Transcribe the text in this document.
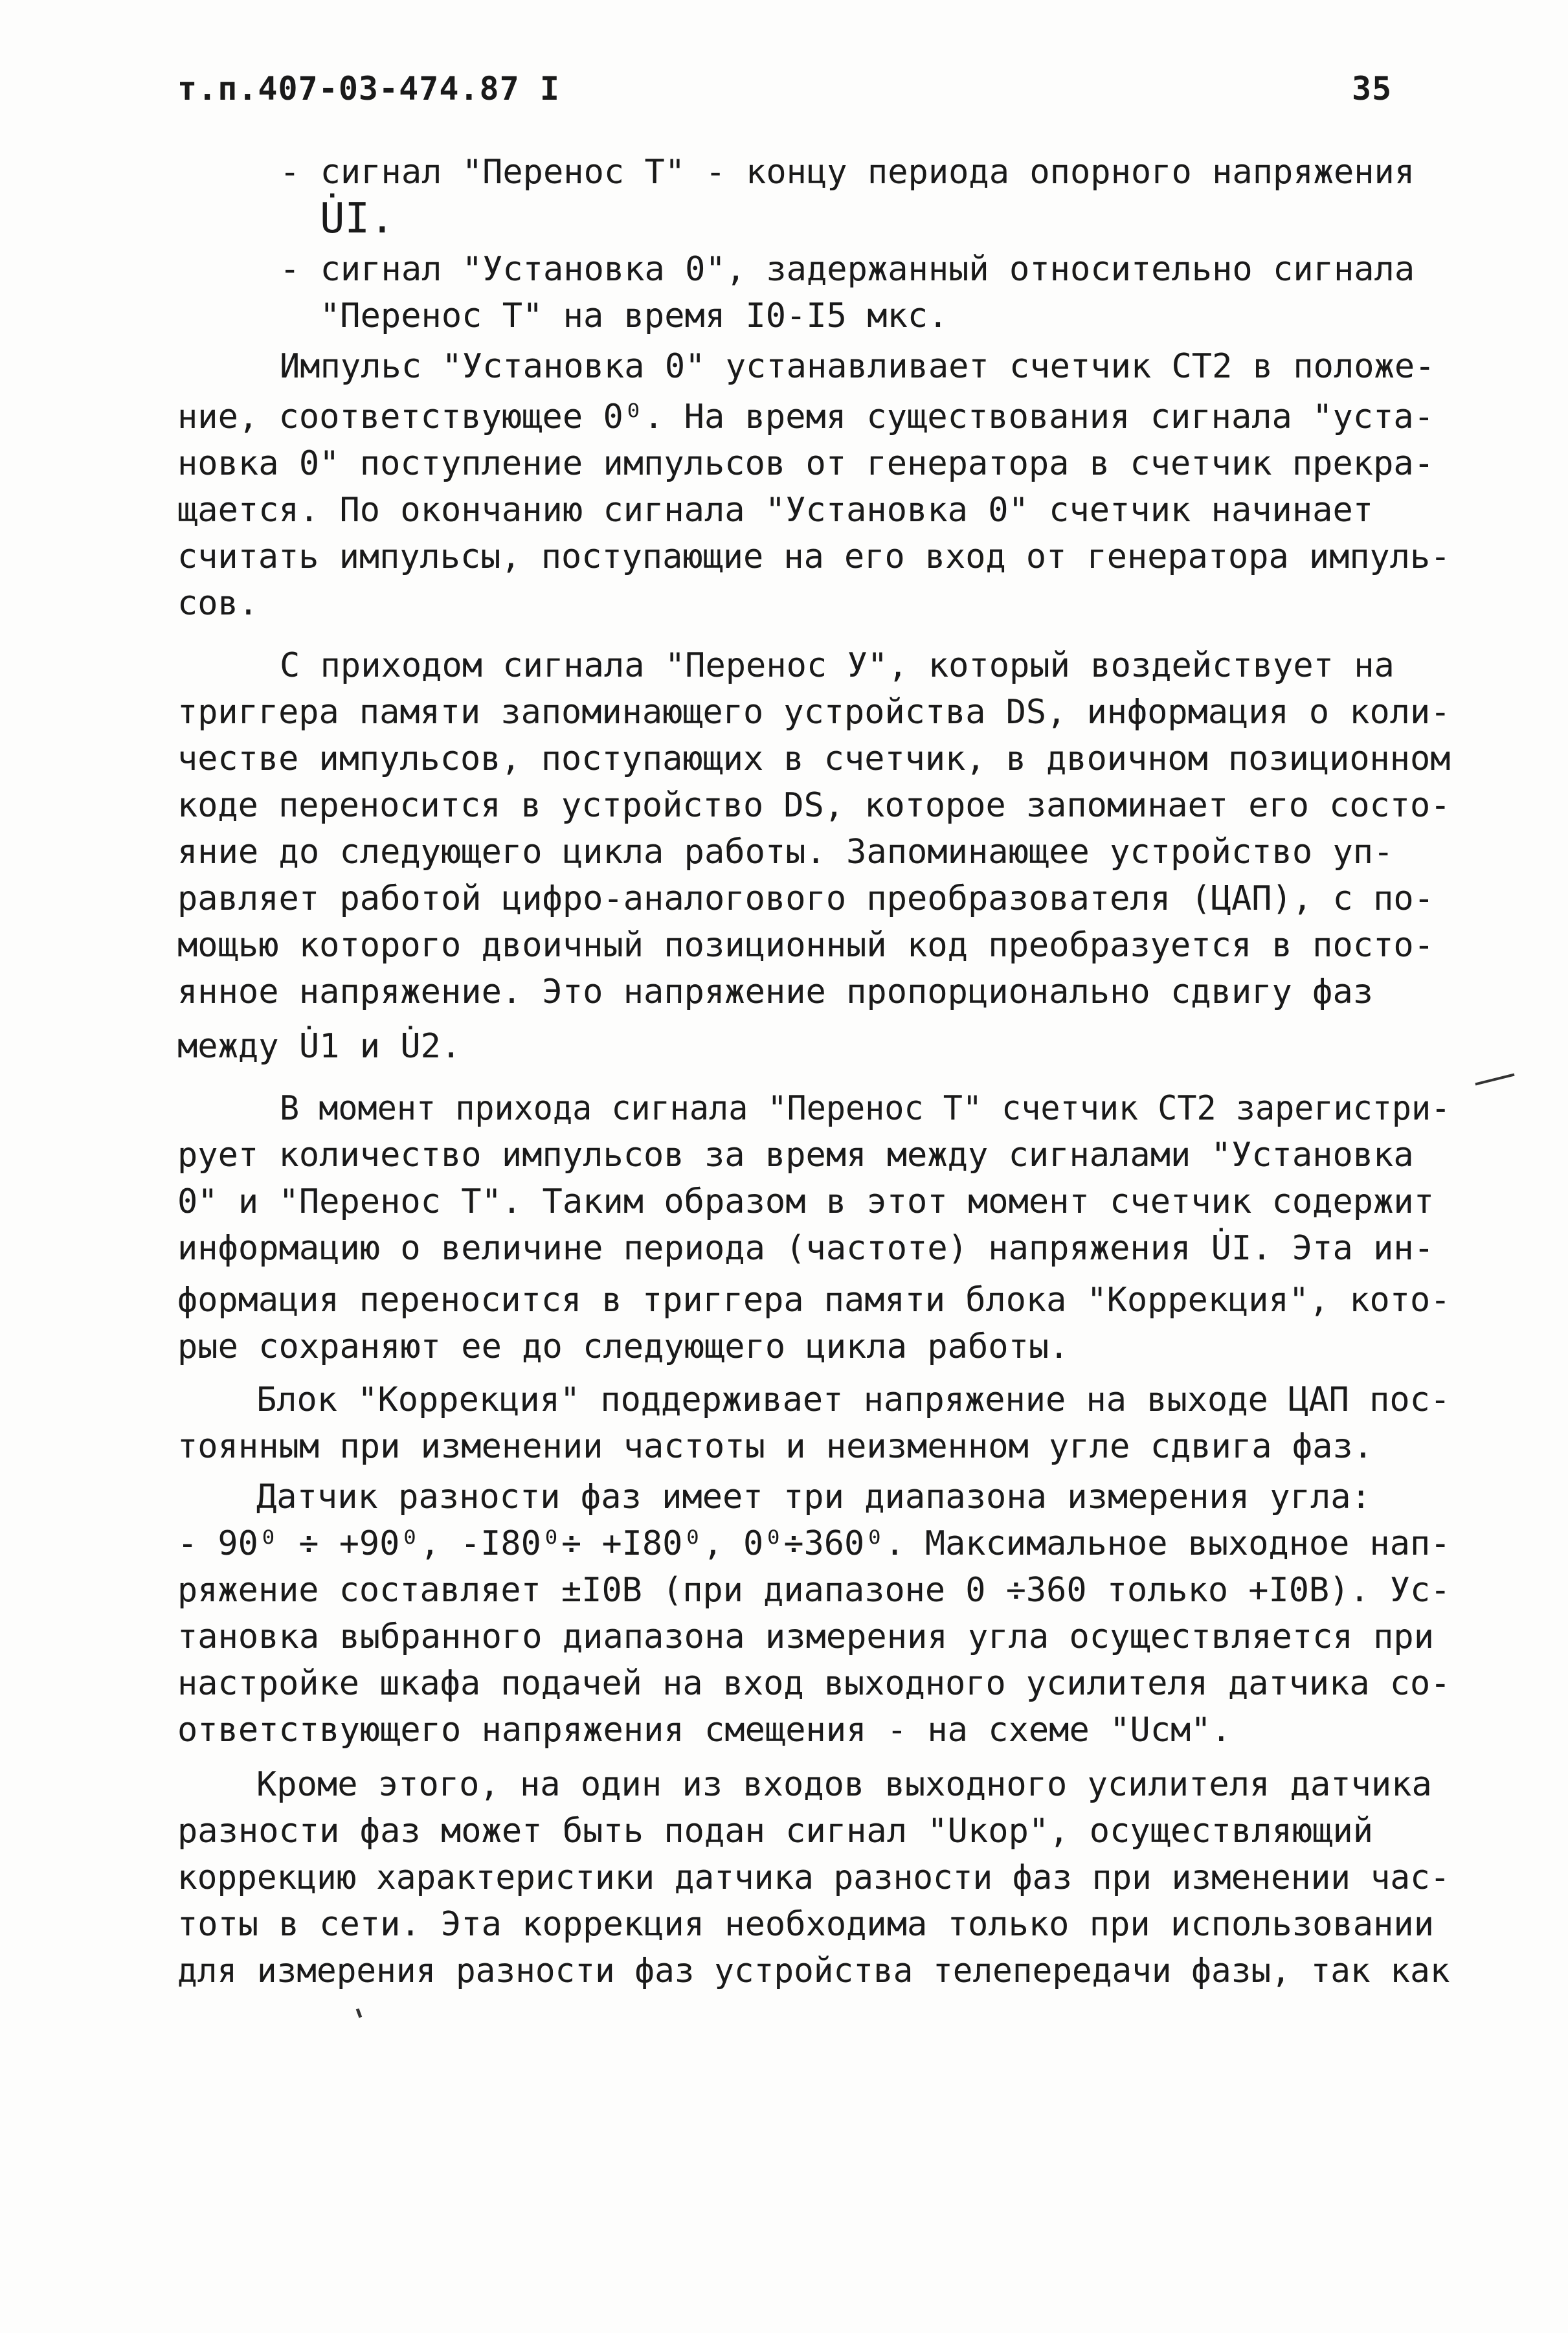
т.п.407-03-474.87 I	35
- сигнал "Перенос Т" - концу периода опорного напряжения
U̇I.
- сигнал "Установка 0", задержанный относительно сигнала
"Перенос Т" на время I0-I5 мкс.
Импульс "Установка 0" устанавливает счетчик СТ2 в положе-
ние, соответствующее 0⁰. На время существования сигнала "уста-
новка 0" поступление импульсов от генератора в счетчик прекра-
щается. По окончанию сигнала "Установка 0" счетчик начинает
считать импульсы, поступающие на его вход от генератора импуль-
сов.
С приходом сигнала "Перенос У", который воздействует на
триггера памяти запоминающего устройства DS, информация о коли-
честве импульсов, поступающих в счетчик, в двоичном позиционном
коде переносится в устройство DS, которое запоминает его состо-
яние до следующего цикла работы. Запоминающее устройство уп-
равляет работой цифро-аналогового преобразователя (ЦАП), с по-
мощью которого двоичный позиционный код преобразуется в посто-
янное напряжение. Это напряжение пропорционально сдвигу фаз
между U̇1 и U̇2.
В момент прихода сигнала "Перенос Т" счетчик СТ2 зарегистри-
рует количество импульсов за время между сигналами "Установка
0" и "Перенос Т". Таким образом в этот момент счетчик содержит
информацию о величине периода (частоте) напряжения U̇I. Эта ин-
формация переносится в триггера памяти блока "Коррекция", кото-
рые сохраняют ее до следующего цикла работы.
Блок "Коррекция" поддерживает напряжение на выходе ЦАП пос-
тоянным при изменении частоты и неизменном угле сдвига фаз.
Датчик разности фаз имеет три диапазона измерения угла:
- 90⁰ ÷ +90⁰, -I80⁰÷ +I80⁰, 0⁰÷360⁰. Максимальное выходное нап-
ряжение составляет ±I0В (при диапазоне 0 ÷360 только +I0В). Ус-
тановка выбранного диапазона измерения угла осуществляется при
настройке шкафа подачей на вход выходного усилителя датчика со-
ответствующего напряжения смещения - на схеме "Uсм".
Кроме этого, на один из входов выходного усилителя датчика
разности фаз может быть подан сигнал "Uкор", осуществляющий
коррекцию характеристики датчика разности фаз при изменении час-
тоты в сети. Эта коррекция необходима только при использовании
для измерения разности фаз устройства телепередачи фазы, так как
